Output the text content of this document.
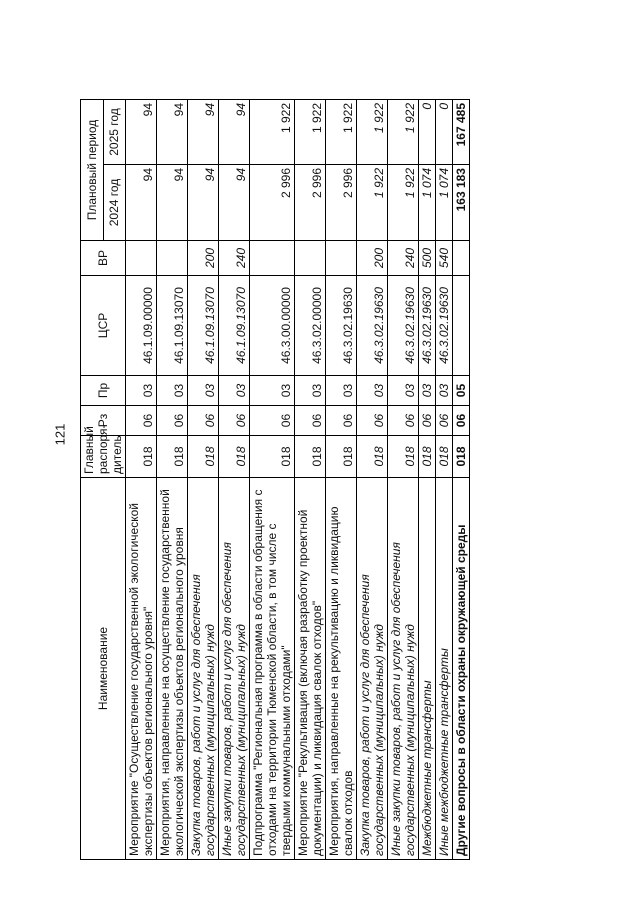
121
Наименование	Главный распоря-дитель	Рз	Пр	ЦСР	ВР	Плановый период	
						2024 год	2025 год
Мероприятие "Осуществление государственной экологической экспертизы объектов регионального уровня"	018	06	03	46.1.09.00000		94	94
Мероприятия, направленные на осуществление государственной экологической экспертизы объектов регионального уровня	018	06	03	46.1.09.13070		94	94
Закупка товаров, работ и услуг для обеспечения государственных (муниципальных) нужд	018	06	03	46.1.09.13070	200	94	94
Иные закупки товаров, работ и услуг для обеспечения государственных (муниципальных) нужд	018	06	03	46.1.09.13070	240	94	94
Подпрограмма "Региональная программа в области обращения с отходами на территории Тюменской области, в том числе с твердыми коммунальными отходами"	018	06	03	46.3.00.00000		2 996	1 922
Мероприятие "Рекультивация (включая разработку проектной документации) и ликвидация свалок отходов"	018	06	03	46.3.02.00000		2 996	1 922
Мероприятия, направленные на рекультивацию и ликвидацию свалок отходов	018	06	03	46.3.02.19630		2 996	1 922
Закупка товаров, работ и услуг для обеспечения государственных (муниципальных) нужд	018	06	03	46.3.02.19630	200	1 922	1 922
Иные закупки товаров, работ и услуг для обеспечения государственных (муниципальных) нужд	018	06	03	46.3.02.19630	240	1 922	1 922
Межбюджетные трансферты	018	06	03	46.3.02.19630	500	1 074	0
Иные межбюджетные трансферты	018	06	03	46.3.02.19630	540	1 074	0
Другие вопросы в области охраны окружающей среды	018	06	05			163 183	167 485
